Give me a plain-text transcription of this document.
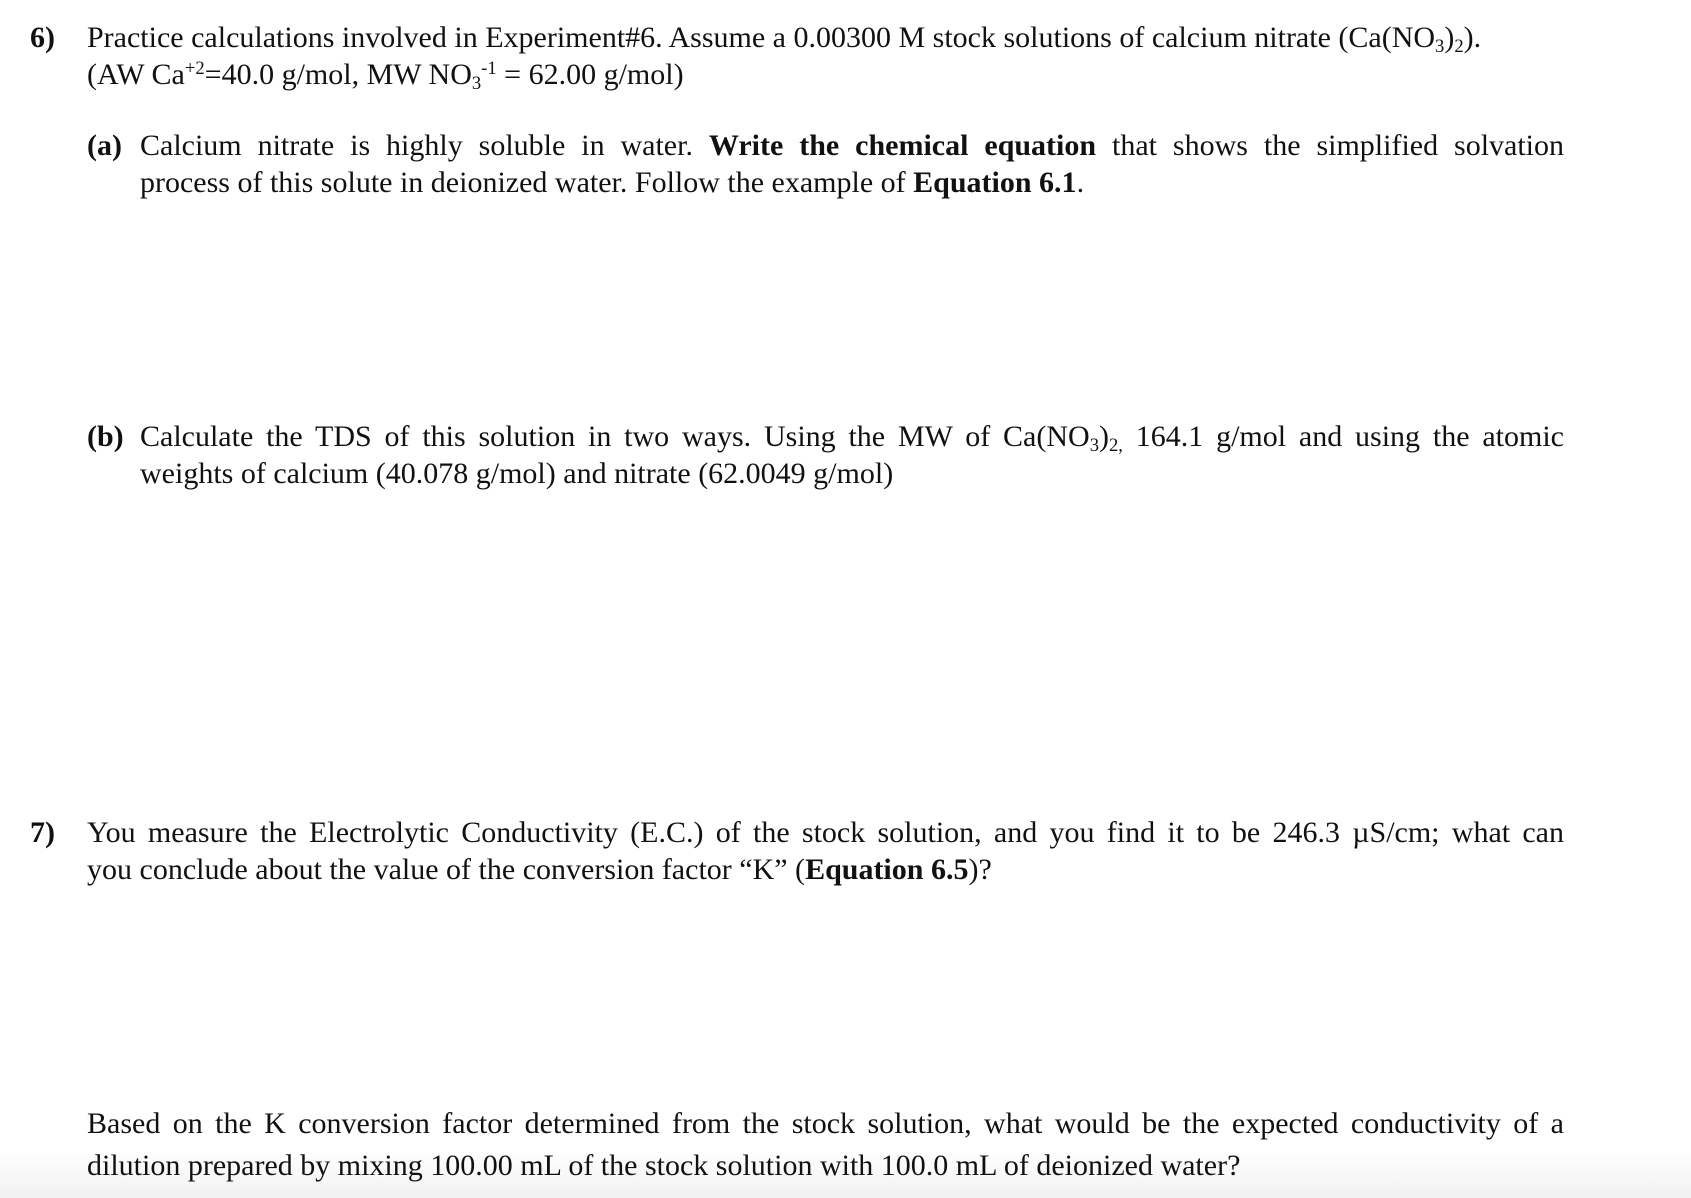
6) Practice calculations involved in Experiment#6. Assume a 0.00300 M stock solutions of calcium nitrate $(Ca(NO_3)_2)$.
(AW $Ca^{+2}=40.0$ g/mol, MW $NO_3^{-1} = 62.00$ g/mol)
(a) Calcium nitrate is highly soluble in water. Write the chemical equation that shows the simplified solvation
process of this solute in deionized water. Follow the example of Equation 6.1.
(b) Calculate the TDS of this solution in two ways. Using the MW of $Ca(NO_3)_{2,}$ 164.1 g/mol and using the atomic
weights of calcium (40.078 g/mol) and nitrate (62.0049 g/mol)
7) You measure the Electrolytic Conductivity (E.C.) of the stock solution, and you find it to be 246.3 µS/cm; what can
you conclude about the value of the conversion factor “K” (Equation 6.5)?
Based on the K conversion factor determined from the stock solution, what would be the expected conductivity of a
dilution prepared by mixing 100.00 mL of the stock solution with 100.0 mL of deionized water?
